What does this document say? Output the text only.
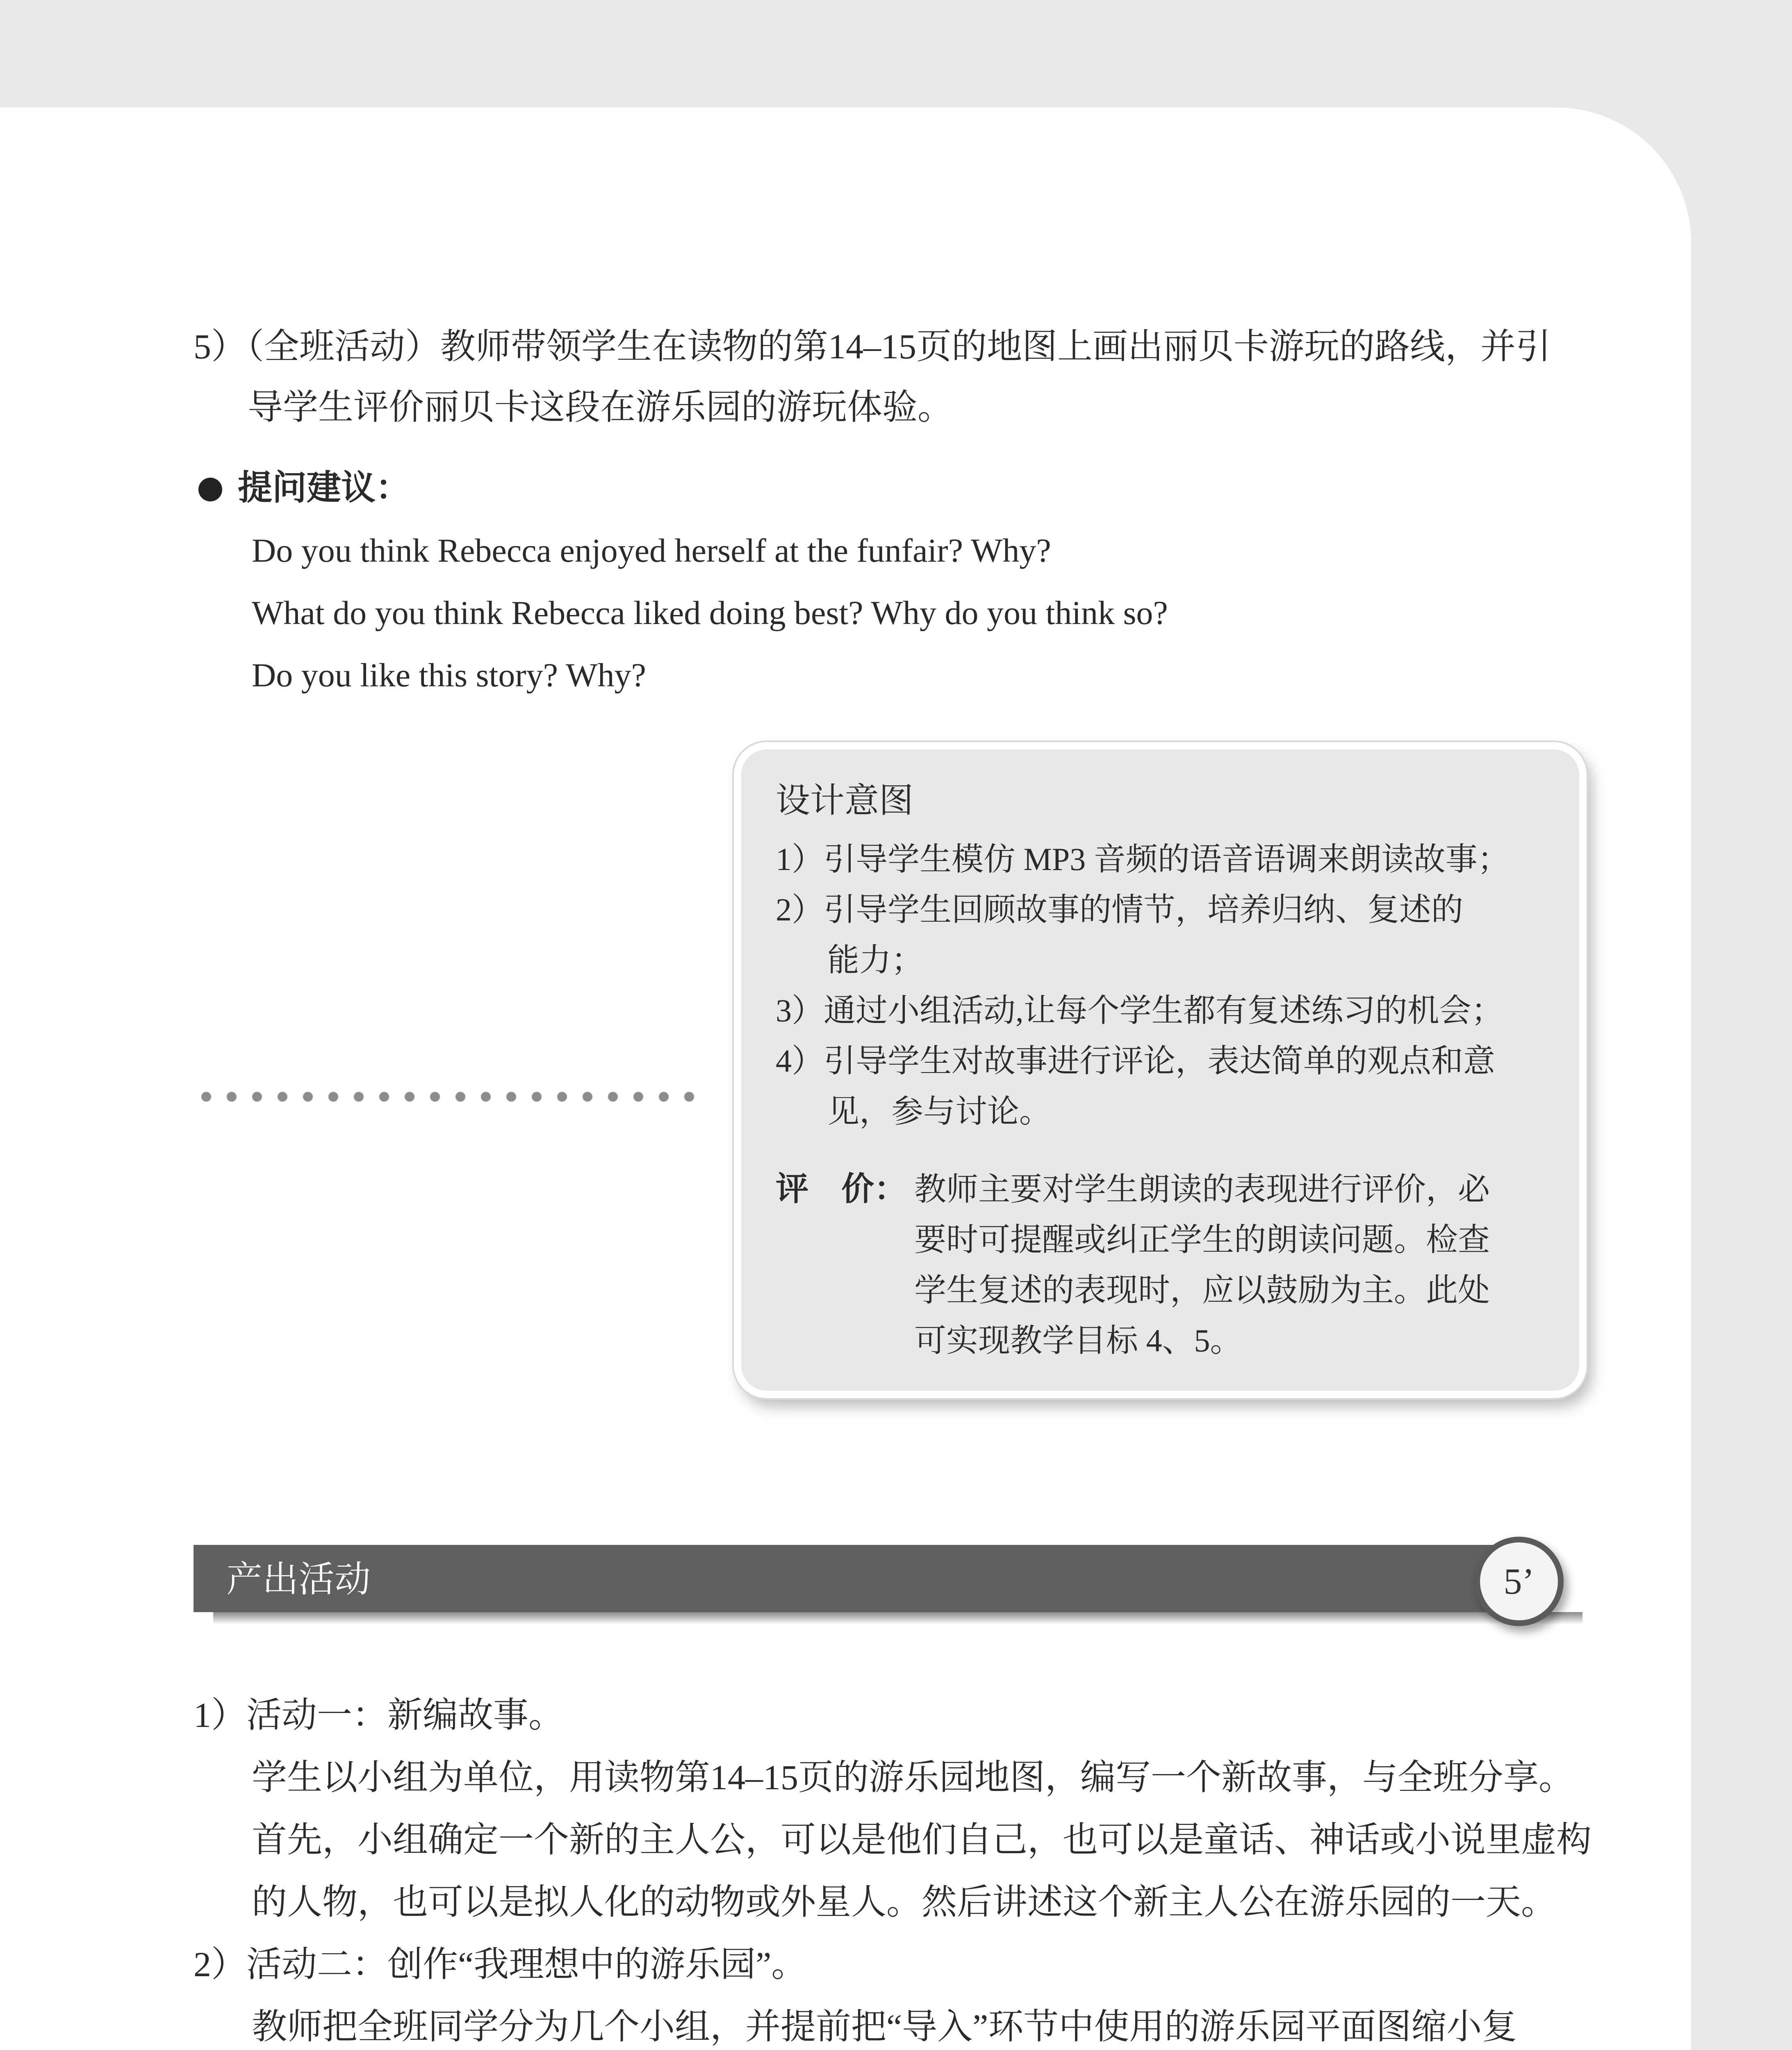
5）（全班活动）教师带领学生在读物的第14–15页的地图上画出丽贝卡游玩的路线，并引

导学生评价丽贝卡这段在游乐园的游玩体验。

提问建议：

Do you think Rebecca enjoyed herself at the funfair? Why?

What do you think Rebecca liked doing best? Why do you think so?

Do you like this story? Why?

设计意图

1）引导学生模仿 MP3 音频的语音语调来朗读故事；

2）引导学生回顾故事的情节，培养归纳、复述的

能力；

3）通过小组活动,让每个学生都有复述练习的机会；

4）引导学生对故事进行评论，表达简单的观点和意

见，参与讨论。

评　价： 教师主要对学生朗读的表现进行评价，必

要时可提醒或纠正学生的朗读问题。检查

学生复述的表现时，应以鼓励为主。此处

可实现教学目标 4、5。

产出活动	5’

1）活动一：新编故事。

学生以小组为单位，用读物第14–15页的游乐园地图，编写一个新故事，与全班分享。

首先，小组确定一个新的主人公，可以是他们自己，也可以是童话、神话或小说里虚构

的人物，也可以是拟人化的动物或外星人。然后讲述这个新主人公在游乐园的一天。

2）活动二：创作“我理想中的游乐园”。

教师把全班同学分为几个小组，并提前把“导入”环节中使用的游乐园平面图缩小复
